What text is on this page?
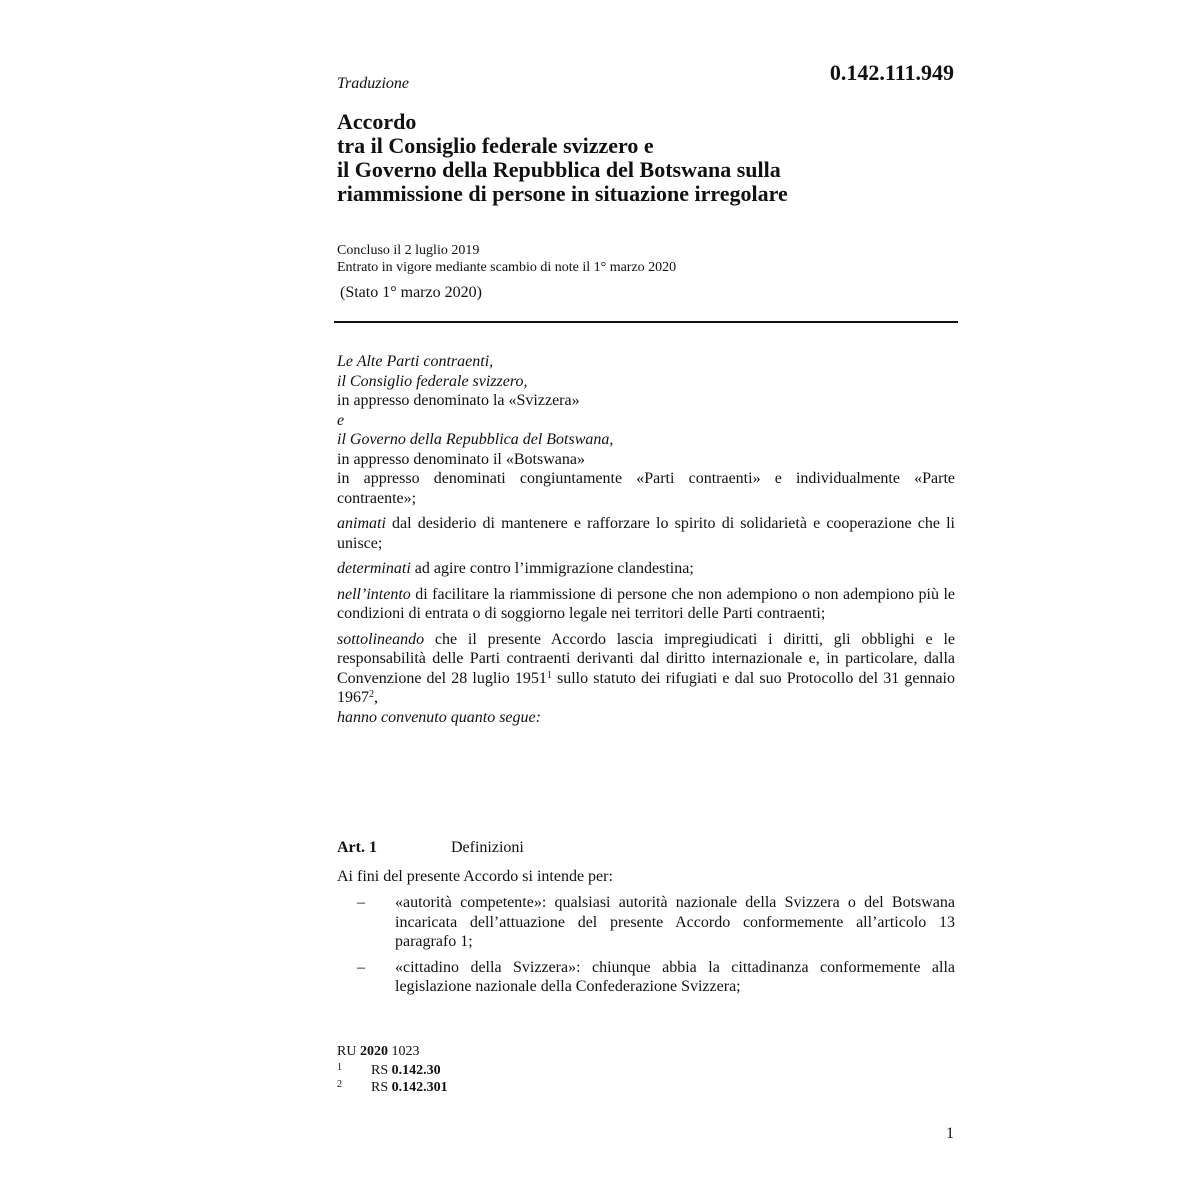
Traduzione	0.142.111.949
Accordo
tra il Consiglio federale svizzero e
il Governo della Repubblica del Botswana sulla
riammissione di persone in situazione irregolare
Concluso il 2 luglio 2019
Entrato in vigore mediante scambio di note il 1° marzo 2020
(Stato 1° marzo 2020)

Le Alte Parti contraenti,

il Consiglio federale svizzero,

in appresso denominato la «Svizzera»

e

il Governo della Repubblica del Botswana,

in appresso denominato il «Botswana»

in appresso denominati congiuntamente «Parti contraenti» e individualmente «Parte contraente»;

animati dal desiderio di mantenere e rafforzare lo spirito di solidarietà e cooperazione che li unisce;

determinati ad agire contro l’immigrazione clandestina;

nell’intento di facilitare la riammissione di persone che non adempiono o non adempiono più le condizioni di entrata o di soggiorno legale nei territori delle Parti contraenti;

sottolineando che il presente Accordo lascia impregiudicati i diritti, gli obblighi e le responsabilità delle Parti contraenti derivanti dal diritto internazionale e, in particolare, dalla Convenzione del 28 luglio 1951$^1$ sullo statuto dei rifugiati e dal suo Protocollo del 31 gennaio 1967$^2$,

hanno convenuto quanto segue:

Art. 1	Definizioni
Ai fini del presente Accordo si intende per:
– «autorità competente»: qualsiasi autorità nazionale della Svizzera o del Botswana incaricata dell’attuazione del presente Accordo conformemente all’articolo 13 paragrafo 1;
– «cittadino della Svizzera»: chiunque abbia la cittadinanza conformemente alla legislazione nazionale della Confederazione Svizzera;
RU 2020 1023
1 RS 0.142.30
2 RS 0.142.301
1
